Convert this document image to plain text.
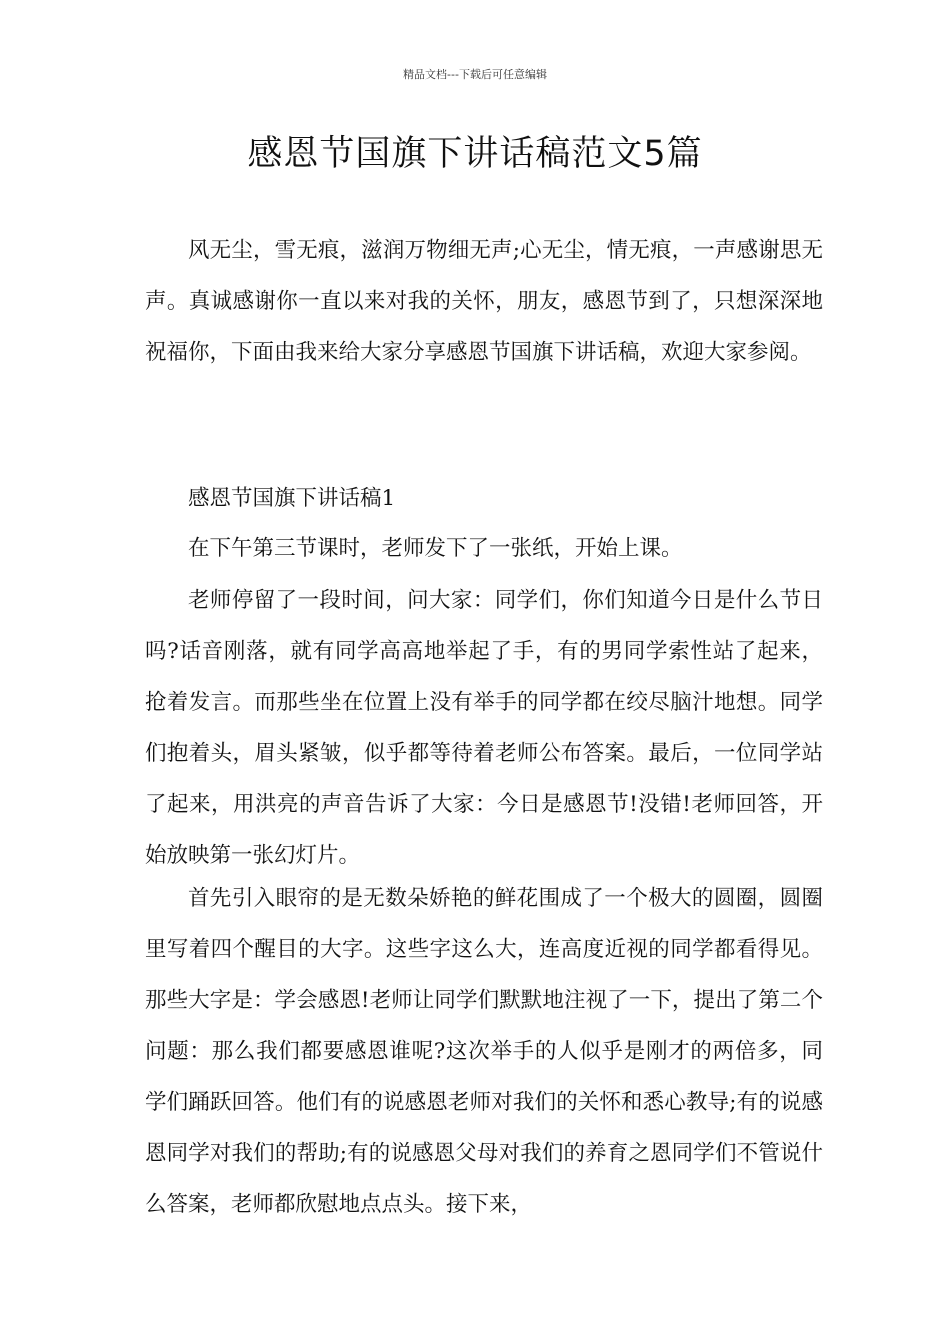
精品文档---下载后可任意编辑
感恩节国旗下讲话稿范文5篇

风无尘，雪无痕，滋润万物细无声;心无尘，情无痕，一声感谢思无声。真诚感谢你一直以来对我的关怀，朋友，感恩节到了，只想深深地祝福你，下面由我来给大家分享感恩节国旗下讲话稿，欢迎大家参阅。

感恩节国旗下讲话稿1

在下午第三节课时，老师发下了一张纸，开始上课。

老师停留了一段时间，问大家：同学们，你们知道今日是什么节日吗?话音刚落，就有同学高高地举起了手，有的男同学索性站了起来，抢着发言。而那些坐在位置上没有举手的同学都在绞尽脑汁地想。同学们抱着头，眉头紧皱，似乎都等待着老师公布答案。最后，一位同学站了起来，用洪亮的声音告诉了大家：今日是感恩节!没错!老师回答，开始放映第一张幻灯片。

首先引入眼帘的是无数朵娇艳的鲜花围成了一个极大的圆圈，圆圈里写着四个醒目的大字。这些字这么大，连高度近视的同学都看得见。那些大字是：学会感恩!老师让同学们默默地注视了一下，提出了第二个问题：那么我们都要感恩谁呢?这次举手的人似乎是刚才的两倍多，同学们踊跃回答。他们有的说感恩老师对我们的关怀和悉心教导;有的说感恩同学对我们的帮助;有的说感恩父母对我们的养育之恩同学们不管说什么答案，老师都欣慰地点点头。接下来，
